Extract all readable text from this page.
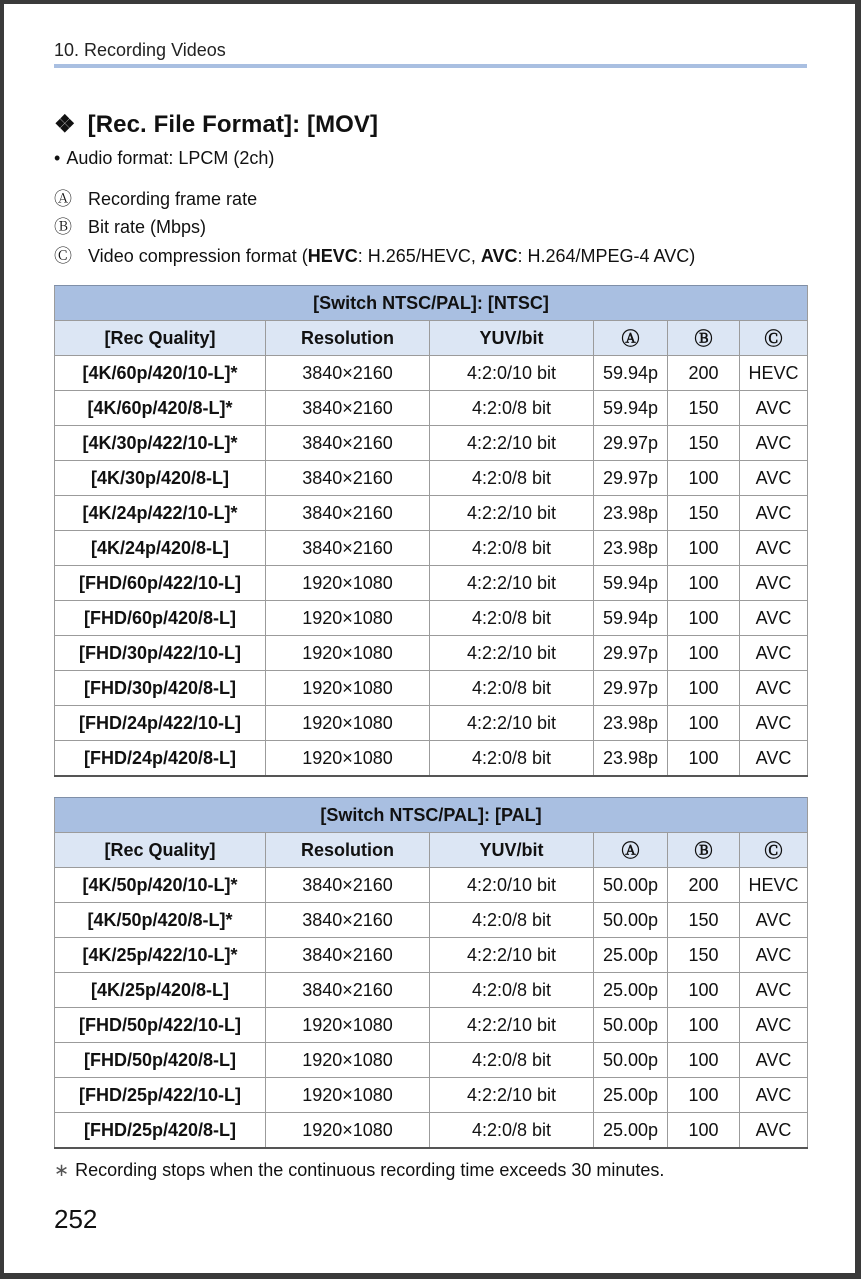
10. Recording Videos
❖ [Rec. File Format]: [MOV]
• Audio format: LPCM (2ch)
Ⓐ Recording frame rate
Ⓑ Bit rate (Mbps)
Ⓒ Video compression format (HEVC: H.265/HEVC, AVC: H.264/MPEG-4 AVC)
[Switch NTSC/PAL]: [NTSC]					
[Rec Quality]	Resolution	YUV/bit	Ⓐ	Ⓑ	Ⓒ
[4K/60p/420/10-L]*	3840×2160	4:2:0/10 bit	59.94p	200	HEVC
[4K/60p/420/8-L]*	3840×2160	4:2:0/8 bit	59.94p	150	AVC
[4K/30p/422/10-L]*	3840×2160	4:2:2/10 bit	29.97p	150	AVC
[4K/30p/420/8-L]	3840×2160	4:2:0/8 bit	29.97p	100	AVC
[4K/24p/422/10-L]*	3840×2160	4:2:2/10 bit	23.98p	150	AVC
[4K/24p/420/8-L]	3840×2160	4:2:0/8 bit	23.98p	100	AVC
[FHD/60p/422/10-L]	1920×1080	4:2:2/10 bit	59.94p	100	AVC
[FHD/60p/420/8-L]	1920×1080	4:2:0/8 bit	59.94p	100	AVC
[FHD/30p/422/10-L]	1920×1080	4:2:2/10 bit	29.97p	100	AVC
[FHD/30p/420/8-L]	1920×1080	4:2:0/8 bit	29.97p	100	AVC
[FHD/24p/422/10-L]	1920×1080	4:2:2/10 bit	23.98p	100	AVC
[FHD/24p/420/8-L]	1920×1080	4:2:0/8 bit	23.98p	100	AVC
[Switch NTSC/PAL]: [PAL]					
[Rec Quality]	Resolution	YUV/bit	Ⓐ	Ⓑ	Ⓒ
[4K/50p/420/10-L]*	3840×2160	4:2:0/10 bit	50.00p	200	HEVC
[4K/50p/420/8-L]*	3840×2160	4:2:0/8 bit	50.00p	150	AVC
[4K/25p/422/10-L]*	3840×2160	4:2:2/10 bit	25.00p	150	AVC
[4K/25p/420/8-L]	3840×2160	4:2:0/8 bit	25.00p	100	AVC
[FHD/50p/422/10-L]	1920×1080	4:2:2/10 bit	50.00p	100	AVC
[FHD/50p/420/8-L]	1920×1080	4:2:0/8 bit	50.00p	100	AVC
[FHD/25p/422/10-L]	1920×1080	4:2:2/10 bit	25.00p	100	AVC
[FHD/25p/420/8-L]	1920×1080	4:2:0/8 bit	25.00p	100	AVC
∗ Recording stops when the continuous recording time exceeds 30 minutes.
252
